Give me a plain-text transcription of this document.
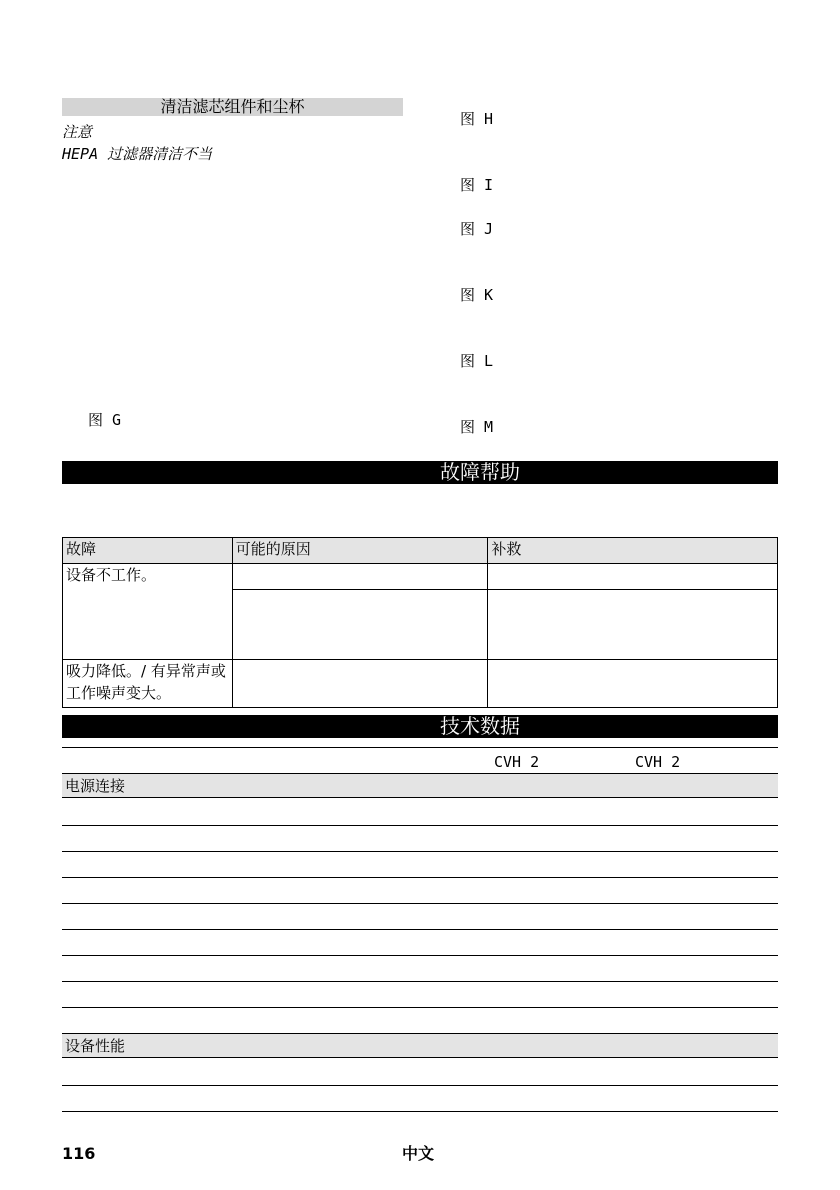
清洁滤芯组件和尘杯
注意
HEPA 过滤器清洁不当
图 G
图 H
图 I
图 J
图 K
图 L
图 M
故障帮助
故障	可能的原因	补救
设备不工作。		

吸力降低。/ 有异常声或工作噪声变大。		
技术数据
CVH 2	CVH 2
电源连接
设备性能
116	中文
